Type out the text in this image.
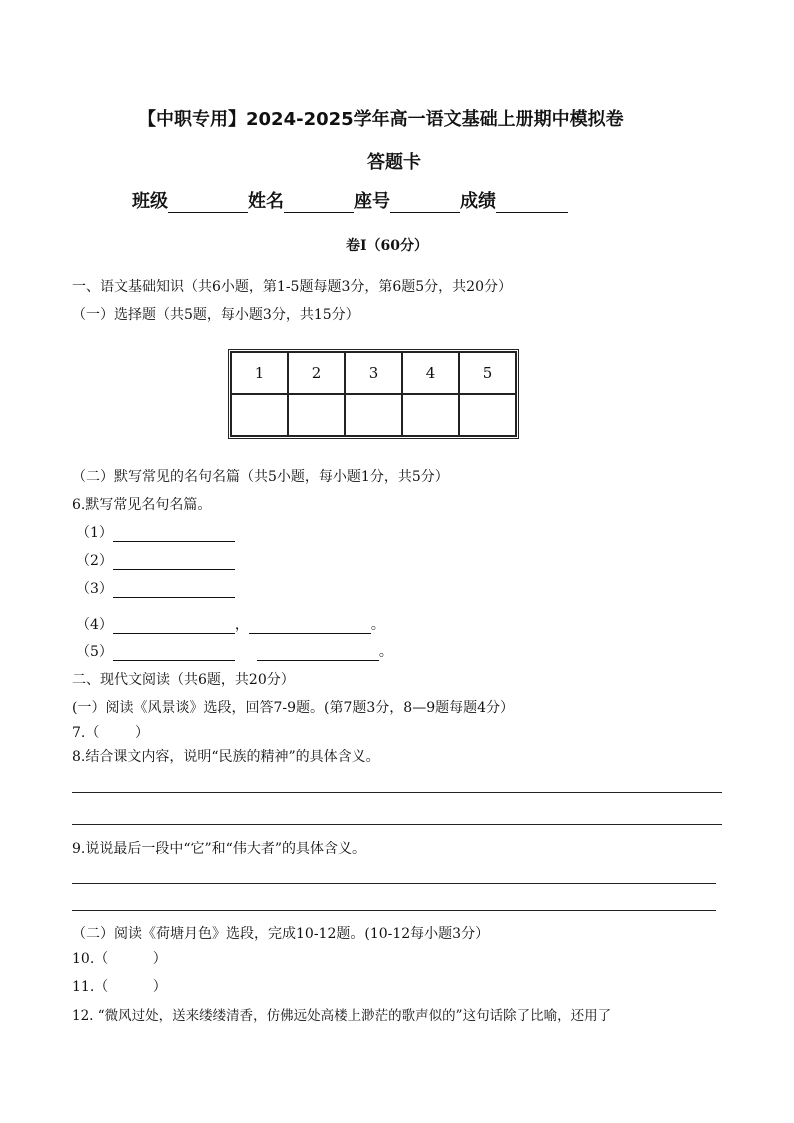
【中职专用】2024-2025学年高一语文基础上册期中模拟卷
答题卡
班级	姓名	座号	成绩
卷Ⅰ（60分）
一、语文基础知识（共6小题，第1-5题每题3分，第6题5分，共20分）
（一）选择题（共5题，每小题3分，共15分）
1	2	3	4	5

（二）默写常见的名句名篇（共5小题，每小题1分，共5分）
6.默写常见名句名篇。
（1）
（2）
（3）
（4）	，	。
（5）	。
二、现代文阅读（共6题，共20分）
(一）阅读《风景谈》选段，回答7-9题。(第7题3分，8—9题每题4分）
7.（        ）
8.结合课文内容，说明“民族的精神”的具体含义。
9.说说最后一段中“它”和“伟大者”的具体含义。
（二）阅读《荷塘月色》选段，完成10-12题。(10-12每小题3分）
10.（          ）
11.（          ）
12. “微风过处，送来缕缕清香，仿佛远处高楼上渺茫的歌声似的”这句话除了比喻，还用了
